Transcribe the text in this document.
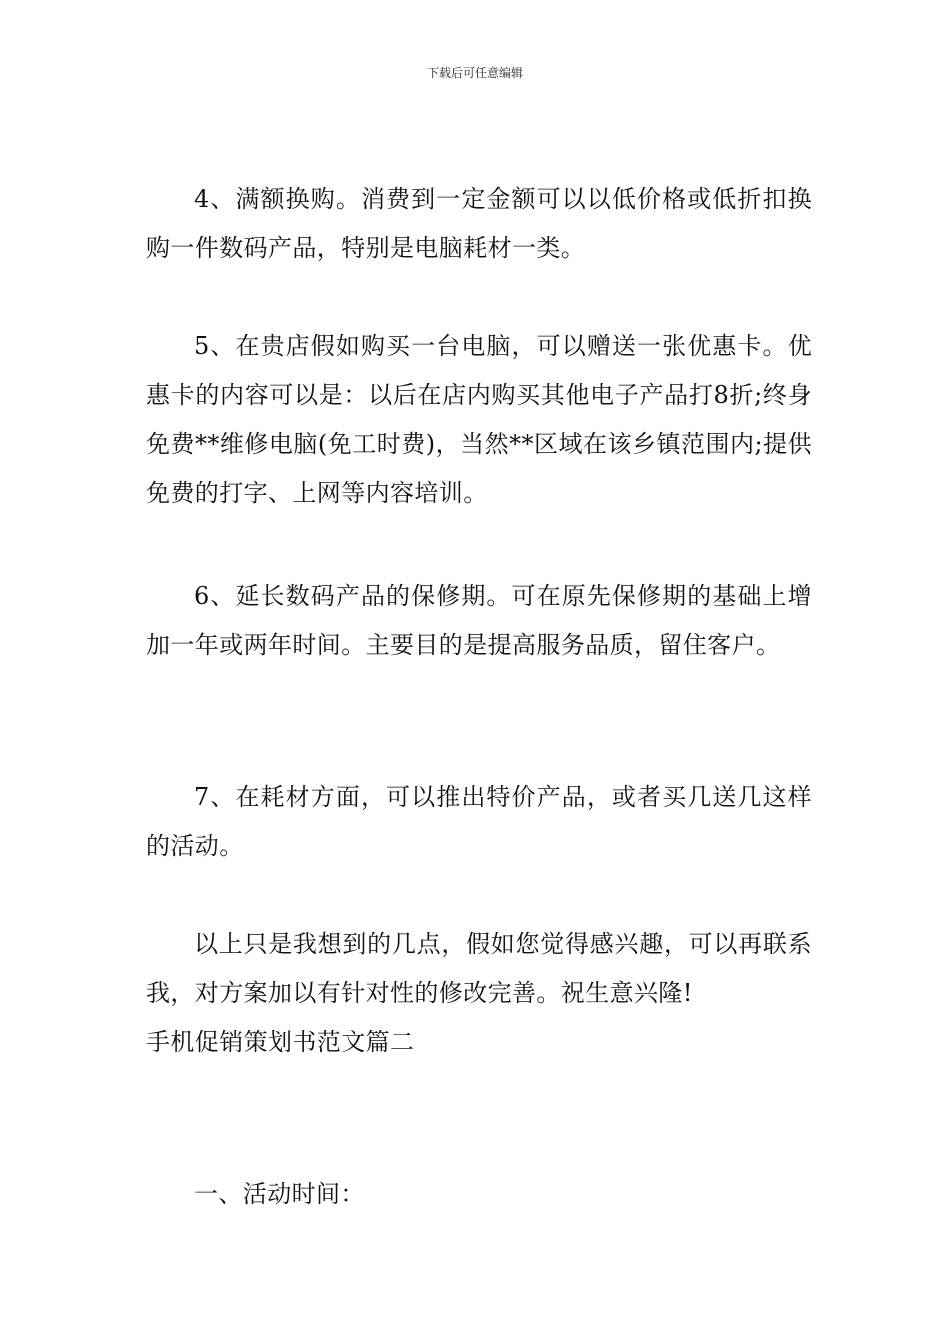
下载后可任意编辑

4、满额换购。消费到一定金额可以以低价格或低折扣换购一件数码产品，特别是电脑耗材一类。

5、在贵店假如购买一台电脑，可以赠送一张优惠卡。优惠卡的内容可以是：以后在店内购买其他电子产品打8折;终身免费**维修电脑(免工时费)，当然**区域在该乡镇范围内;提供免费的打字、上网等内容培训。

6、延长数码产品的保修期。可在原先保修期的基础上增加一年或两年时间。主要目的是提高服务品质，留住客户。

7、在耗材方面，可以推出特价产品，或者买几送几这样的活动。

以上只是我想到的几点，假如您觉得感兴趣，可以再联系我，对方案加以有针对性的修改完善。祝生意兴隆!

手机促销策划书范文篇二

一、活动时间：
